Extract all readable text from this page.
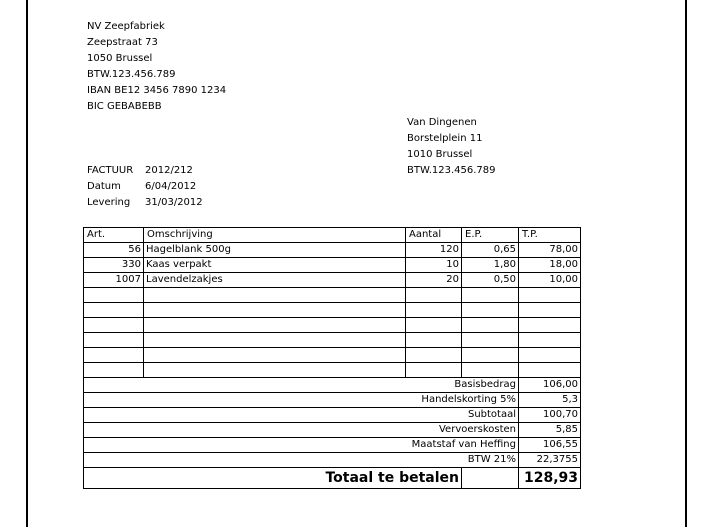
NV Zeepfabriek
Zeepstraat 73
1050 Brussel
BTW.123.456.789
IBAN BE12 3456 7890 1234
BIC GEBABEBB
Van Dingenen
Borstelplein 11
1010 Brussel
BTW.123.456.789
FACTUUR	2012/212
Datum	6/04/2012
Levering	31/03/2012
Art.	Omschrijving	Aantal	E.P.	T.P.
56	Hagelblank 500g	120	0,65	78,00
330	Kaas verpakt	10	1,80	18,00
1007	Lavendelzakjes	20	0,50	10,00

Basisbedrag				106,00
Handelskorting 5%				5,3
Subtotaal				100,70
Vervoerskosten				5,85
Maatstaf van Heffing				106,55
BTW 21%				22,3755
Totaal te betalen				128,93
